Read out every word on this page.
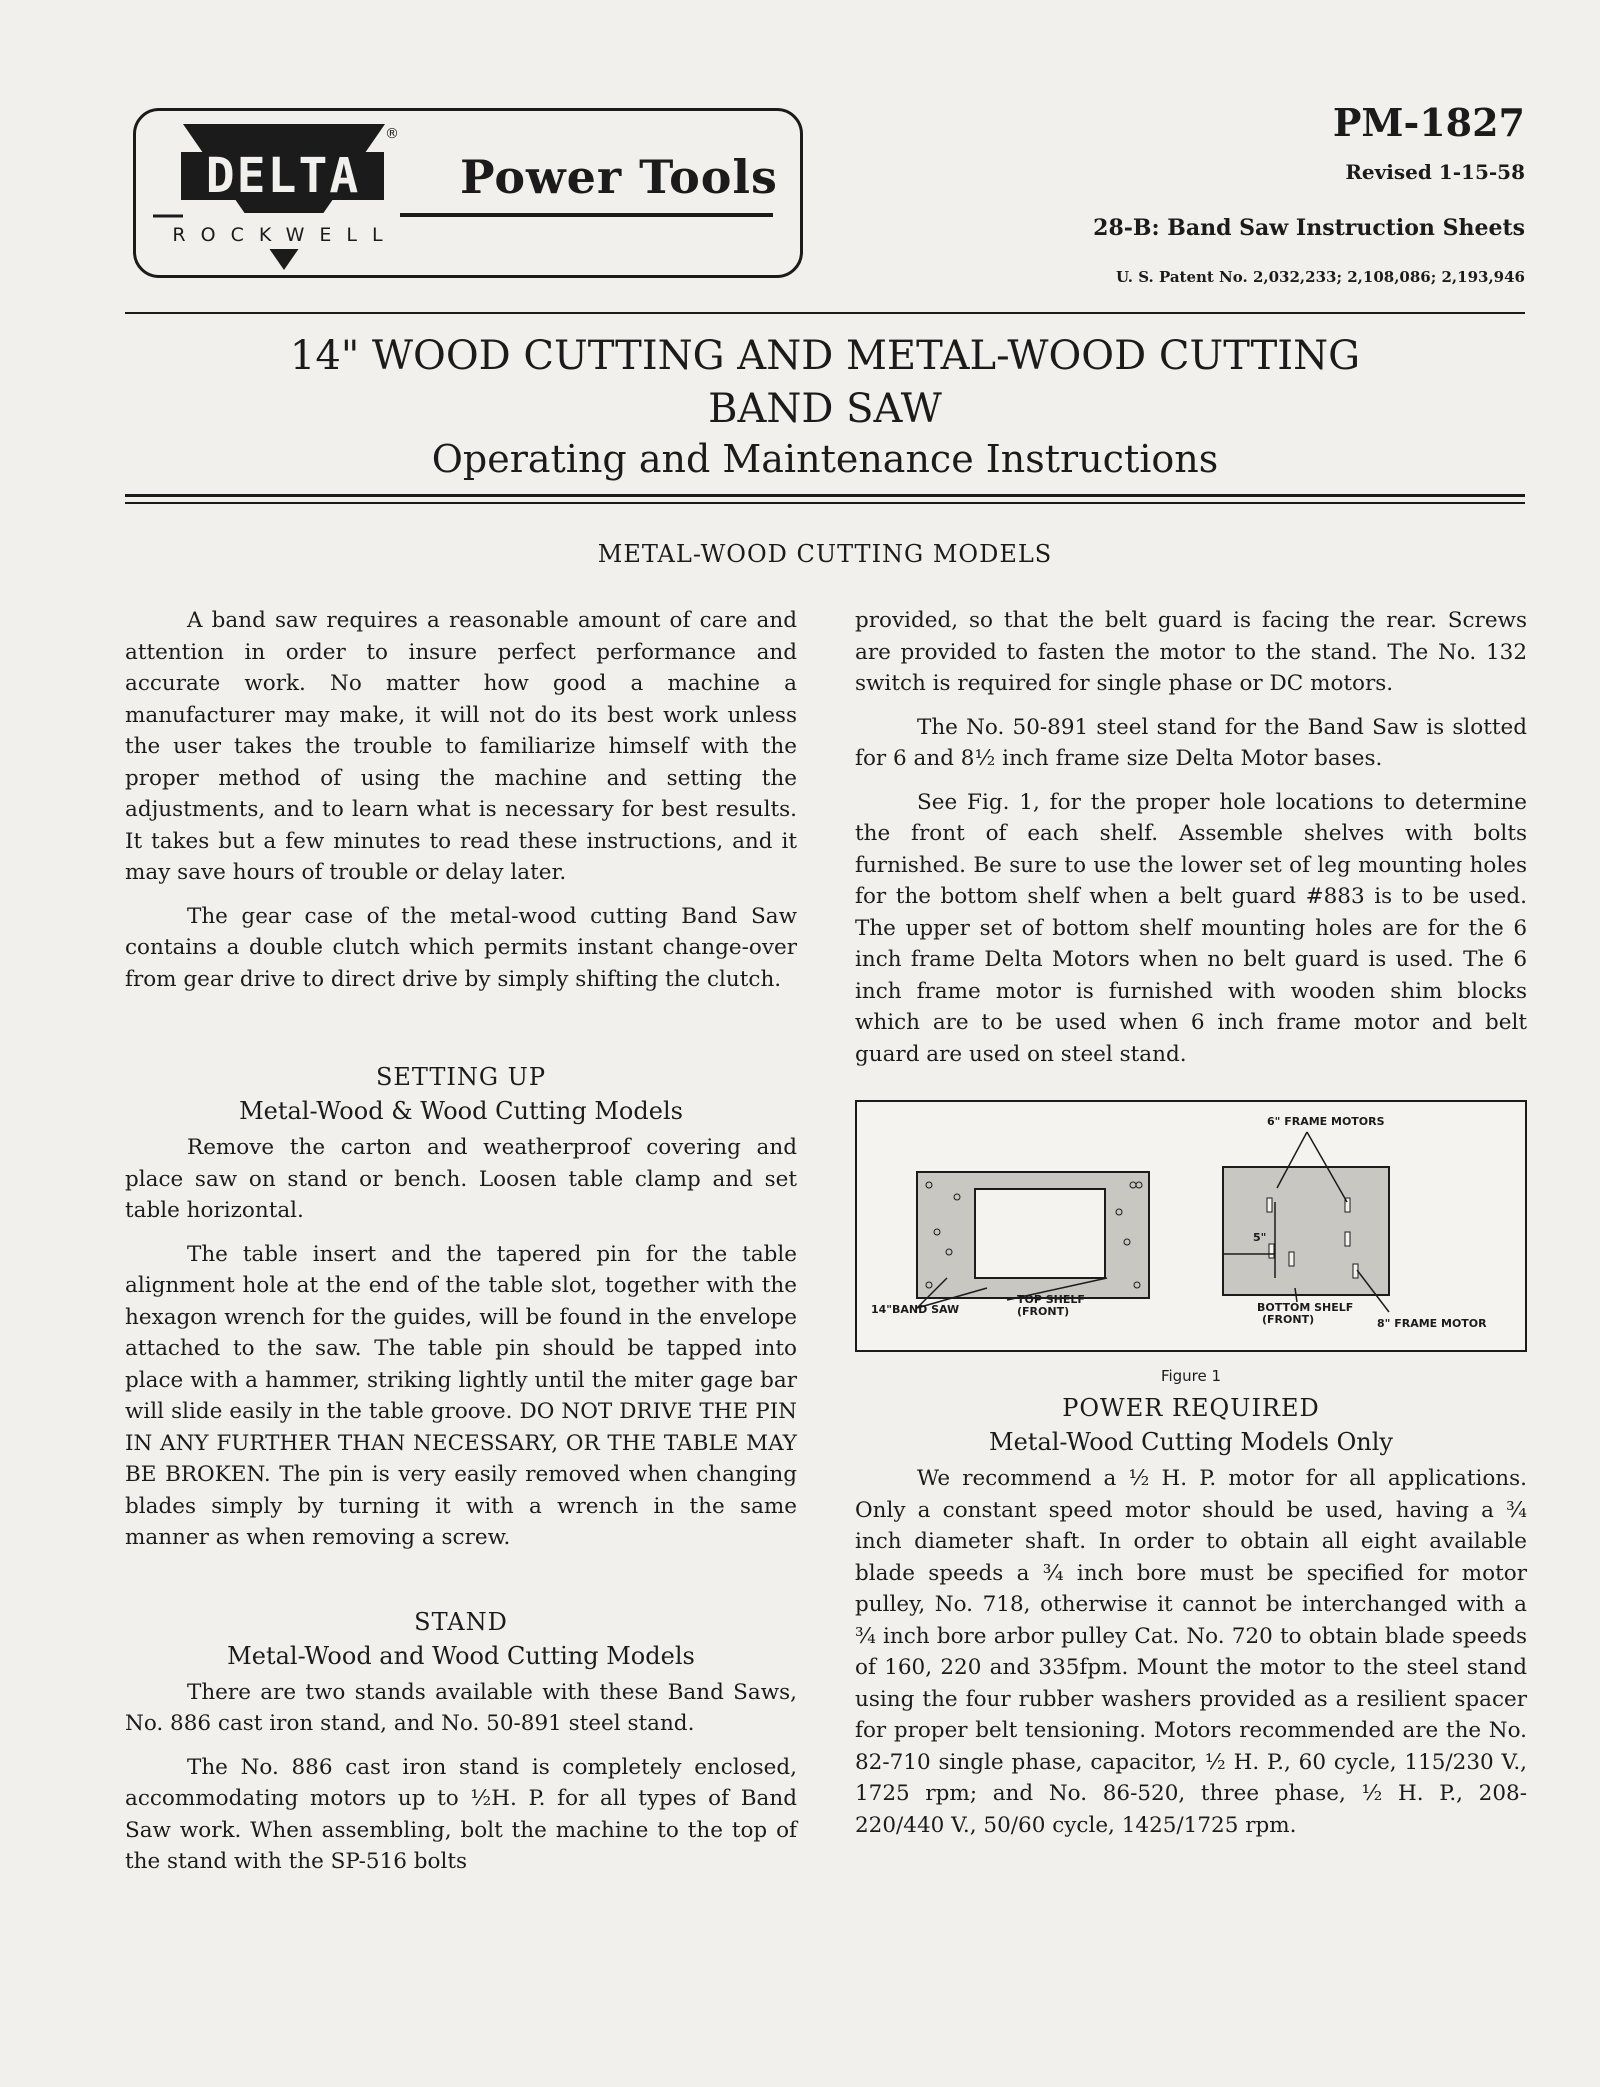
DELTA
®
ROCKWELL
Power Tools
PM-1827
Revised 1-15-58
28-B: Band Saw Instruction Sheets
U. S. Patent No. 2,032,233; 2,108,086; 2,193,946
14" WOOD CUTTING AND METAL-WOOD CUTTING
BAND SAW
Operating and Maintenance Instructions
METAL-WOOD CUTTING MODELS

A band saw requires a reasonable amount of care and attention in order to insure perfect performance and accurate work. No matter how good a machine a manufacturer may make, it will not do its best work unless the user takes the trouble to familiarize himself with the proper method of using the machine and setting the adjustments, and to learn what is necessary for best results. It takes but a few minutes to read these instructions, and it may save hours of trouble or delay later.

The gear case of the metal-wood cutting Band Saw contains a double clutch which permits instant change-over from gear drive to direct drive by simply shifting the clutch.

SETTING UP
Metal-Wood & Wood Cutting Models

Remove the carton and weatherproof covering and place saw on stand or bench. Loosen table clamp and set table horizontal.

The table insert and the tapered pin for the table alignment hole at the end of the table slot, together with the hexagon wrench for the guides, will be found in the envelope attached to the saw. The table pin should be tapped into place with a hammer, striking lightly until the miter gage bar will slide easily in the table groove. DO NOT DRIVE THE PIN IN ANY FURTHER THAN NECESSARY, OR THE TABLE MAY BE BROKEN. The pin is very easily removed when changing blades simply by turning it with a wrench in the same manner as when removing a screw.

STAND
Metal-Wood and Wood Cutting Models

There are two stands available with these Band Saws, No. 886 cast iron stand, and No. 50-891 steel stand.

The No. 886 cast iron stand is completely enclosed, accommodating motors up to ½H. P. for all types of Band Saw work. When assembling, bolt the machine to the top of the stand with the SP-516 bolts

provided, so that the belt guard is facing the rear. Screws are provided to fasten the motor to the stand. The No. 132 switch is required for single phase or DC motors.

The No. 50-891 steel stand for the Band Saw is slotted for 6 and 8½ inch frame size Delta Motor bases.

See Fig. 1, for the proper hole locations to determine the front of each shelf. Assemble shelves with bolts furnished. Be sure to use the lower set of leg mounting holes for the bottom shelf when a belt guard #883 is to be used. The upper set of bottom shelf mounting holes are for the 6 inch frame Delta Motors when no belt guard is used. The 6 inch frame motor is furnished with wooden shim blocks which are to be used when 6 inch frame motor and belt guard are used on steel stand.

14"BAND SAW
TOP SHELF
(FRONT)
6" FRAME MOTORS
5"
BOTTOM SHELF
(FRONT)	8" FRAME MOTOR
Figure 1
POWER REQUIRED
Metal-Wood Cutting Models Only

We recommend a ½ H. P. motor for all applications. Only a constant speed motor should be used, having a ¾ inch diameter shaft. In order to obtain all eight available blade speeds a ¾ inch bore must be specified for motor pulley, No. 718, otherwise it cannot be interchanged with a ¾ inch bore arbor pulley Cat. No. 720 to obtain blade speeds of 160, 220 and 335fpm. Mount the motor to the steel stand using the four rubber washers provided as a resilient spacer for proper belt tensioning. Motors recommended are the No. 82-710 single phase, capacitor, ½ H. P., 60 cycle, 115/230 V., 1725 rpm; and No. 86-520, three phase, ½ H. P., 208-220/440 V., 50/60 cycle, 1425/1725 rpm.
